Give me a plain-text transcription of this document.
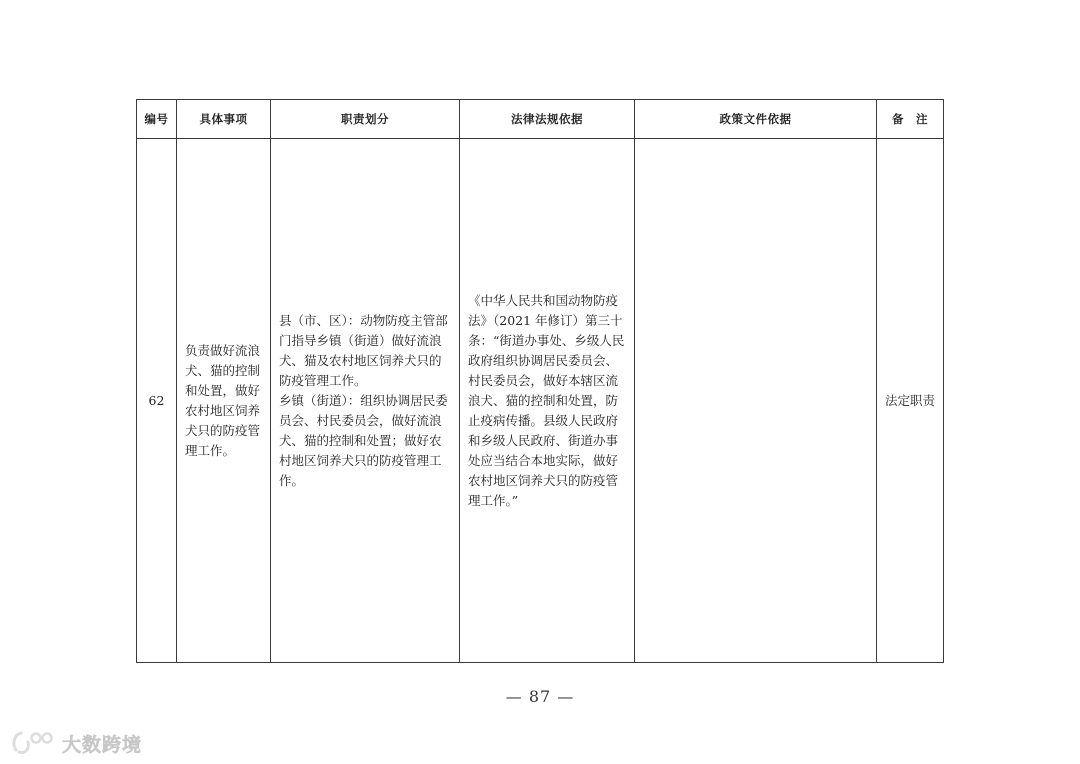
编号	具体事项	职责划分	法律法规依据	政策文件依据	备　注
62	负责做好流浪犬、猫的控制和处置，做好农村地区饲养犬只的防疫管理工作。	县（市、区）：动物防疫主管部门指导乡镇（街道）做好流浪犬、猫及农村地区饲养犬只的防疫管理工作。
乡镇（街道）：组织协调居民委员会、村民委员会，做好流浪犬、猫的控制和处置；做好农村地区饲养犬只的防疫管理工作。	《中华人民共和国动物防疫法》（2021 年修订）第三十条：“街道办事处、乡级人民政府组织协调居民委员会、村民委员会，做好本辖区流浪犬、猫的控制和处置，防止疫病传播。县级人民政府和乡级人民政府、街道办事处应当结合本地实际，做好农村地区饲养犬只的防疫管理工作。”		法定职责
— 87 —
大数跨境
